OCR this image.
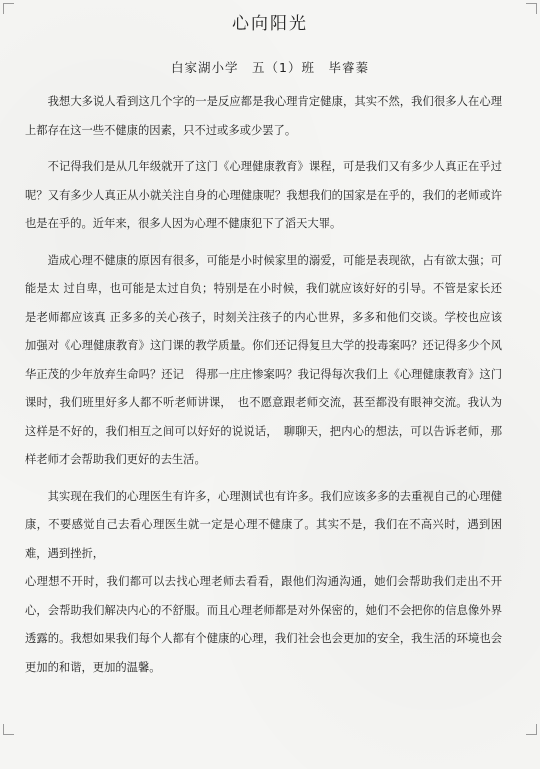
心向阳光
白家湖小学　五（1）班　毕睿蓁

我想大多说人看到这几个字的一是反应都是我心理肯定健康，其实不然，我们很多人在心理上都存在这一些不健康的因素，只不过或多或少罢了。

不记得我们是从几年级就开了这门《心理健康教育》课程，可是我们又有多少人真正在乎过呢？又有多少人真正从小就关注自身的心理健康呢？我想我们的国家是在乎的，我们的老师或许也是在乎的。近年来，很多人因为心理不健康犯下了滔天大罪。

造成心理不健康的原因有很多，可能是小时候家里的溺爱，可能是表现欲，占有欲太强；可能是太 过自卑，也可能是太过自负；特别是在小时候，我们就应该好好的引导。不管是家长还是老师都应该真 正多多的关心孩子，时刻关注孩子的内心世界，多多和他们交谈。学校也应该加强对《心理健康教育》这门课的教学质量。你们还记得复旦大学的投毒案吗？还记得多少个风华正茂的少年放弃生命吗？还记　得那一庄庄惨案吗？我记得每次我们上《心理健康教育》这门课时，我们班里好多人都不听老师讲课，　也不愿意跟老师交流，甚至都没有眼神交流。我认为这样是不好的，我们相互之间可以好好的说说话，　聊聊天，把内心的想法，可以告诉老师，那样老师才会帮助我们更好的去生活。

其实现在我们的心理医生有许多，心理测试也有许多。我们应该多多的去重视自己的心理健康，不要感觉自己去看心理医生就一定是心理不健康了。其实不是，我们在不高兴时，遇到困难，遇到挫折，

心理想不开时，我们都可以去找心理老师去看看，跟他们沟通沟通，她们会帮助我们走出不开心，会帮助我们解决内心的不舒服。而且心理老师都是对外保密的，她们不会把你的信息像外界透露的。我想如果我们每个人都有个健康的心理，我们社会也会更加的安全，我生活的环境也会更加的和谐，更加的温馨。
